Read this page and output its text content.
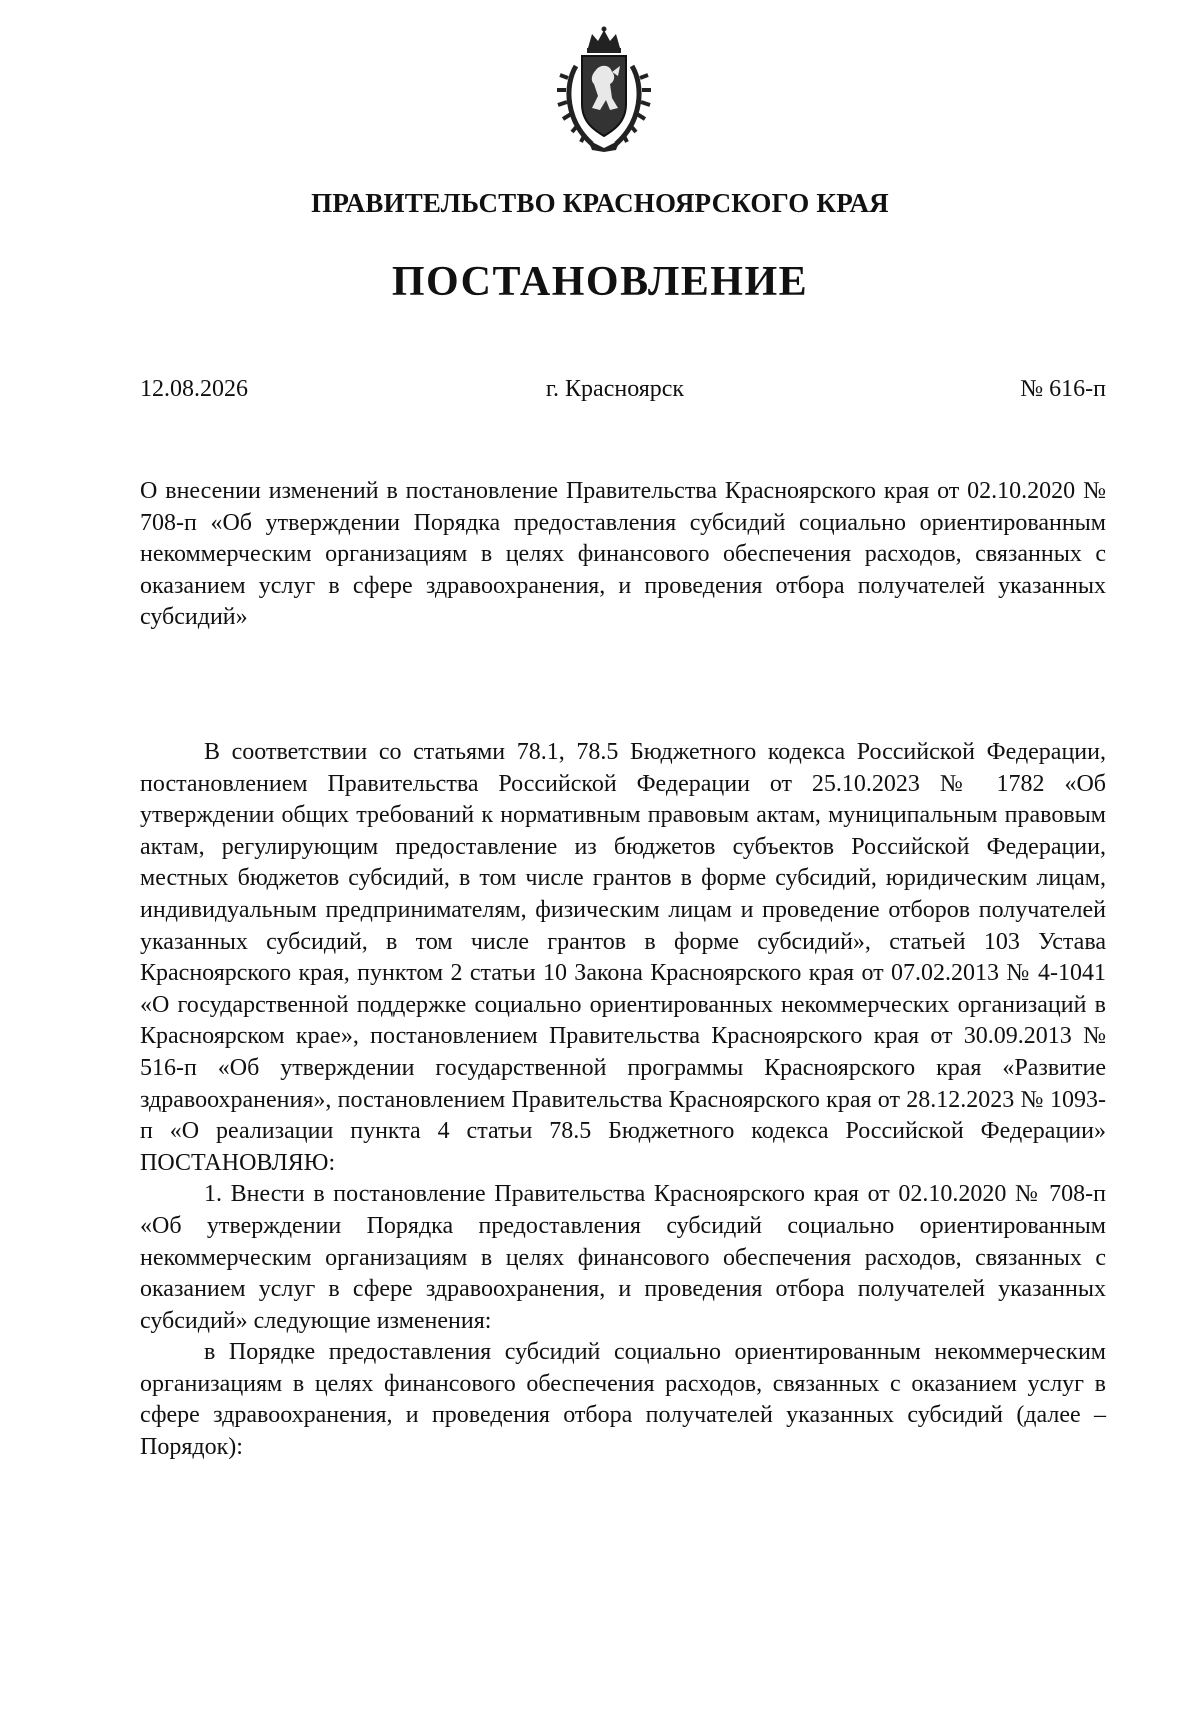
ПРАВИТЕЛЬСТВО КРАСНОЯРСКОГО КРАЯ
ПОСТАНОВЛЕНИЕ
12.08.2026	г. Красноярск	№ 616-п
О внесении изменений в постановление Правительства Красноярского края от 02.10.2020 № 708-п «Об утверждении Порядка предоставления субсидий социально ориентированным некоммерческим организациям в целях финансового обеспечения расходов, связанных с оказанием услуг в сфере здравоохранения, и проведения отбора получателей указанных субсидий»

В соответствии со статьями 78.1, 78.5 Бюджетного кодекса Российской Федерации, постановлением Правительства Российской Федерации от 25.10.2023 № 1782 «Об утверждении общих требований к нормативным правовым актам, муниципальным правовым актам, регулирующим предоставление из бюджетов субъектов Российской Федерации, местных бюджетов субсидий, в том числе грантов в форме субсидий, юридическим лицам, индивидуальным предпринимателям, физическим лицам и проведение отборов получателей указанных субсидий, в том числе грантов в форме субсидий», статьей 103 Устава Красноярского края, пунктом 2 статьи 10 Закона Красноярского края от 07.02.2013 № 4-1041 «О государственной поддержке социально ориентированных некоммерческих организаций в Красноярском крае», постановлением Правительства Красноярского края от 30.09.2013 № 516-п «Об утверждении государственной программы Красноярского края «Развитие здравоохранения», постановлением Правительства Красноярского края от 28.12.2023 № 1093-п «О реализации пункта 4 статьи 78.5 Бюджетного кодекса Российской Федерации» ПОСТАНОВЛЯЮ:

1. Внести в постановление Правительства Красноярского края от 02.10.2020 № 708-п «Об утверждении Порядка предоставления субсидий социально ориентированным некоммерческим организациям в целях финансового обеспечения расходов, связанных с оказанием услуг в сфере здравоохранения, и проведения отбора получателей указанных субсидий» следующие изменения:

в Порядке предоставления субсидий социально ориентированным некоммерческим организациям в целях финансового обеспечения расходов, связанных с оказанием услуг в сфере здравоохранения, и проведения отбора получателей указанных субсидий (далее – Порядок):
